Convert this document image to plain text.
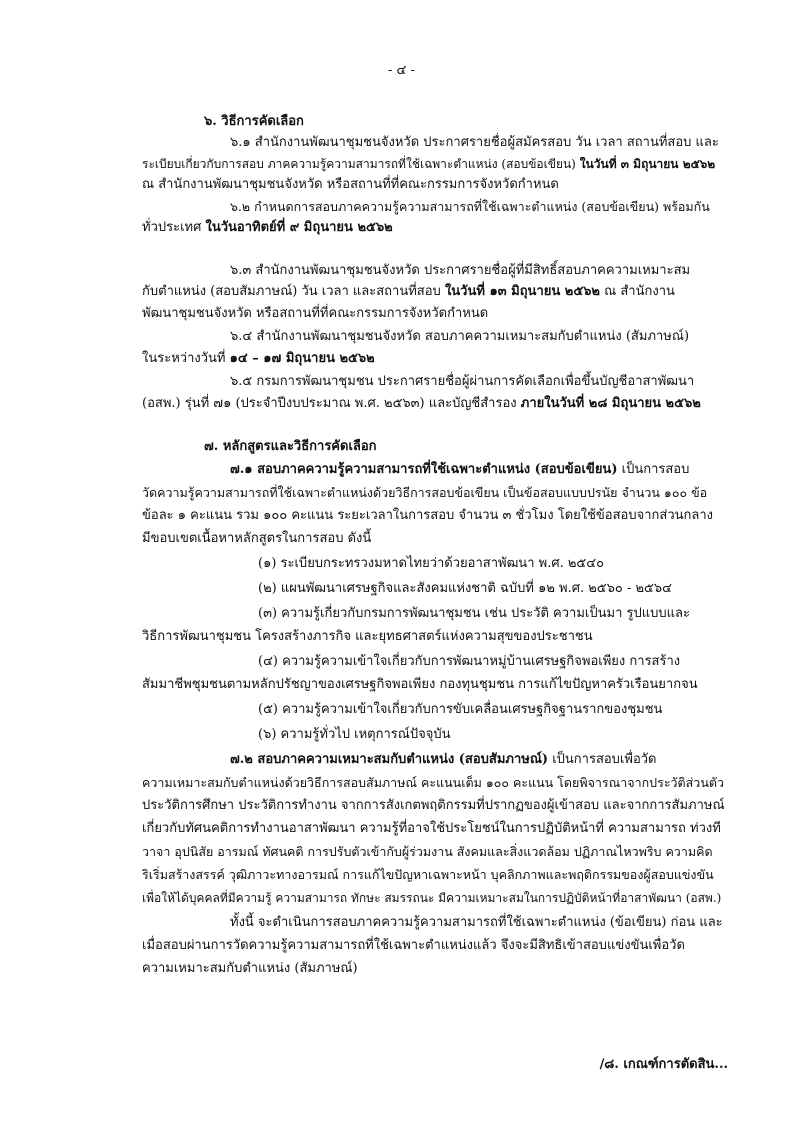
- ๔ -
๖. วิธีการคัดเลือก
๖.๑ สำนักงานพัฒนาชุมชนจังหวัด ประกาศรายชื่อผู้สมัครสอบ วัน เวลา สถานที่สอบ และ
ระเบียบเกี่ยวกับการสอบ ภาคความรู้ความสามารถที่ใช้เฉพาะตำแหน่ง (สอบข้อเขียน) ในวันที่ ๓ มิถุนายน ๒๕๖๒
ณ สำนักงานพัฒนาชุมชนจังหวัด หรือสถานที่ที่คณะกรรมการจังหวัดกำหนด
๖.๒ กำหนดการสอบภาคความรู้ความสามารถที่ใช้เฉพาะตำแหน่ง (สอบข้อเขียน) พร้อมกัน
ทั่วประเทศ ในวันอาทิตย์ที่ ๙ มิถุนายน ๒๕๖๒
๖.๓ สำนักงานพัฒนาชุมชนจังหวัด ประกาศรายชื่อผู้ที่มีสิทธิ์สอบภาคความเหมาะสม
กับตำแหน่ง (สอบสัมภาษณ์) วัน เวลา และสถานที่สอบ ในวันที่ ๑๓ มิถุนายน ๒๕๖๒ ณ สำนักงาน
พัฒนาชุมชนจังหวัด หรือสถานที่ที่คณะกรรมการจังหวัดกำหนด
๖.๔ สำนักงานพัฒนาชุมชนจังหวัด สอบภาคความเหมาะสมกับตำแหน่ง (สัมภาษณ์)
ในระหว่างวันที่ ๑๔ – ๑๗ มิถุนายน ๒๕๖๒
๖.๕ กรมการพัฒนาชุมชน ประกาศรายชื่อผู้ผ่านการคัดเลือกเพื่อขึ้นบัญชีอาสาพัฒนา
(อสพ.) รุ่นที่ ๗๑ (ประจำปีงบประมาณ พ.ศ. ๒๕๖๓) และบัญชีสำรอง ภายในวันที่ ๒๘ มิถุนายน ๒๕๖๒
๗. หลักสูตรและวิธีการคัดเลือก
๗.๑ สอบภาคความรู้ความสามารถที่ใช้เฉพาะตำแหน่ง (สอบข้อเขียน) เป็นการสอบ
วัดความรู้ความสามารถที่ใช้เฉพาะตำแหน่งด้วยวิธีการสอบข้อเขียน เป็นข้อสอบแบบปรนัย จำนวน ๑๐๐ ข้อ
ข้อละ ๑ คะแนน รวม ๑๐๐ คะแนน ระยะเวลาในการสอบ จำนวน ๓ ชั่วโมง โดยใช้ข้อสอบจากส่วนกลาง
มีขอบเขตเนื้อหาหลักสูตรในการสอบ ดังนี้
(๑) ระเบียบกระทรวงมหาดไทยว่าด้วยอาสาพัฒนา พ.ศ. ๒๕๔๐
(๒) แผนพัฒนาเศรษฐกิจและสังคมแห่งชาติ ฉบับที่ ๑๒ พ.ศ. ๒๕๖๐ - ๒๕๖๔
(๓) ความรู้เกี่ยวกับกรมการพัฒนาชุมชน เช่น ประวัติ ความเป็นมา รูปแบบและ
วิธีการพัฒนาชุมชน โครงสร้างภารกิจ และยุทธศาสตร์แห่งความสุขของประชาชน
(๔) ความรู้ความเข้าใจเกี่ยวกับการพัฒนาหมู่บ้านเศรษฐกิจพอเพียง การสร้าง
สัมมาชีพชุมชนตามหลักปรัชญาของเศรษฐกิจพอเพียง กองทุนชุมชน การแก้ไขปัญหาครัวเรือนยากจน
(๕) ความรู้ความเข้าใจเกี่ยวกับการขับเคลื่อนเศรษฐกิจฐานรากของชุมชน
(๖) ความรู้ทั่วไป เหตุการณ์ปัจจุบัน
๗.๒ สอบภาคความเหมาะสมกับตำแหน่ง (สอบสัมภาษณ์) เป็นการสอบเพื่อวัด
ความเหมาะสมกับตำแหน่งด้วยวิธีการสอบสัมภาษณ์ คะแนนเต็ม ๑๐๐ คะแนน โดยพิจารณาจากประวัติส่วนตัว
ประวัติการศึกษา ประวัติการทำงาน จากการสังเกตพฤติกรรมที่ปรากฏของผู้เข้าสอบ และจากการสัมภาษณ์
เกี่ยวกับทัศนคติการทำงานอาสาพัฒนา ความรู้ที่อาจใช้ประโยชน์ในการปฏิบัติหน้าที่ ความสามารถ ท่วงที
วาจา อุปนิสัย อารมณ์ ทัศนคติ การปรับตัวเข้ากับผู้ร่วมงาน สังคมและสิ่งแวดล้อม ปฏิภาณไหวพริบ ความคิด
ริเริ่มสร้างสรรค์ วุฒิภาวะทางอารมณ์ การแก้ไขปัญหาเฉพาะหน้า บุคลิกภาพและพฤติกรรมของผู้สอบแข่งขัน
เพื่อให้ได้บุคคลที่มีความรู้ ความสามารถ ทักษะ สมรรถนะ มีความเหมาะสมในการปฏิบัติหน้าที่อาสาพัฒนา (อสพ.)
ทั้งนี้ จะดำเนินการสอบภาคความรู้ความสามารถที่ใช้เฉพาะตำแหน่ง (ข้อเขียน) ก่อน และ
เมื่อสอบผ่านการวัดความรู้ความสามารถที่ใช้เฉพาะตำแหน่งแล้ว จึงจะมีสิทธิเข้าสอบแข่งขันเพื่อวัด
ความเหมาะสมกับตำแหน่ง (สัมภาษณ์)
/๘. เกณฑ์การตัดสิน...
